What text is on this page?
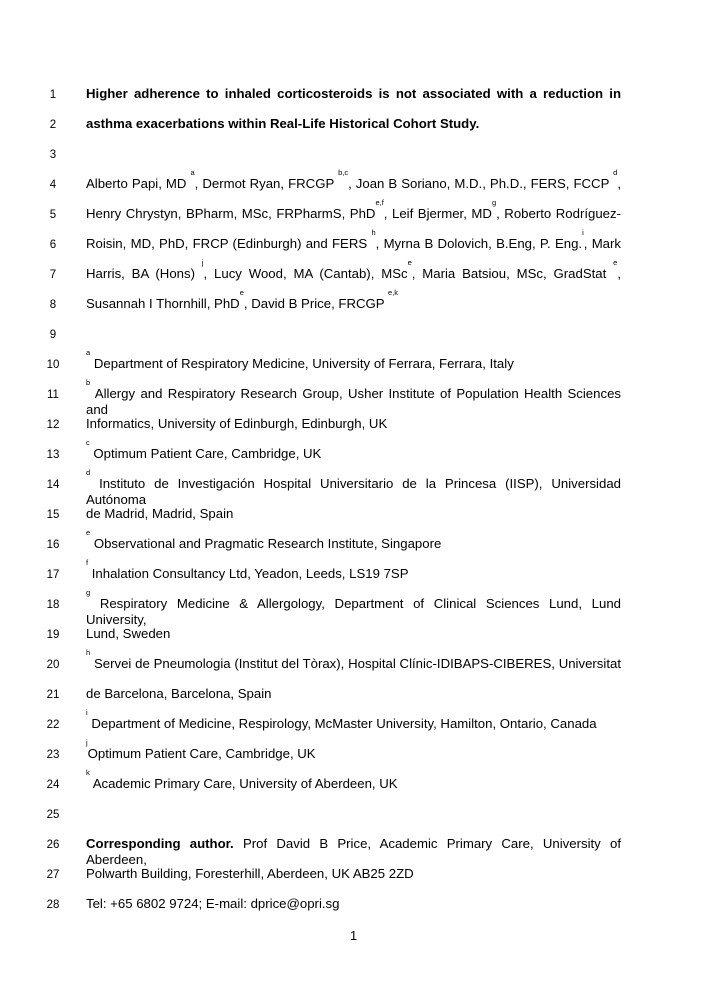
1
2
3
4
5
6
7
8
9
10
11
12
13
14
15
16
17
18
19
20
21
22
23
24
25
26
27
28
Higher adherence to inhaled corticosteroids is not associated with a reduction in
asthma exacerbations within Real-Life Historical Cohort Study.
Alberto Papi, MD $^a$, Dermot Ryan, FRCGP $^{b,c}$, Joan B Soriano, M.D., Ph.D., FERS, FCCP $^d$,
Henry Chrystyn, BPharm, MSc, FRPharmS, PhD$^{e,f}$, Leif Bjermer, $MD^g$, Roberto Rodríguez-
Roisin, MD, PhD, FRCP (Edinburgh) and FERS $^h$, Myrna B Dolovich, B.Eng, P. Eng.$^i$, Mark
Harris, BA (Hons) $^j$, Lucy Wood, MA (Cantab), MSc$^e$, Maria Batsiou, MSc, GradStat $^e$,
Susannah I Thornhill, PhD$^e$, David B Price, FRCGP $^{e,k}$
$^a$ Department of Respiratory Medicine, University of Ferrara, Ferrara, Italy
$^b$ Allergy and Respiratory Research Group, Usher Institute of Population Health Sciences and
Informatics, University of Edinburgh, Edinburgh, UK
$^c$ Optimum Patient Care, Cambridge, UK
$^d$ Instituto de Investigación Hospital Universitario de la Princesa (IISP), Universidad Autónoma
de Madrid, Madrid, Spain
$^e$ Observational and Pragmatic Research Institute, Singapore
$^f$ Inhalation Consultancy Ltd, Yeadon, Leeds, LS19 7SP
$^g$ Respiratory Medicine & Allergology, Department of Clinical Sciences Lund, Lund University,
Lund, Sweden
$^h$ Servei de Pneumologia (Institut del Tòrax), Hospital Clínic-IDIBAPS-CIBERES, Universitat
de Barcelona, Barcelona, Spain
$^i$ Department of Medicine, Respirology, McMaster University, Hamilton, Ontario, Canada
$^j$Optimum Patient Care, Cambridge, UK
$^k$ Academic Primary Care, University of Aberdeen, UK
Corresponding author. Prof David B Price, Academic Primary Care, University of Aberdeen,
Polwarth Building, Foresterhill, Aberdeen, UK AB25 2ZD
Tel: +65 6802 9724; E-mail: dprice@opri.sg
1
